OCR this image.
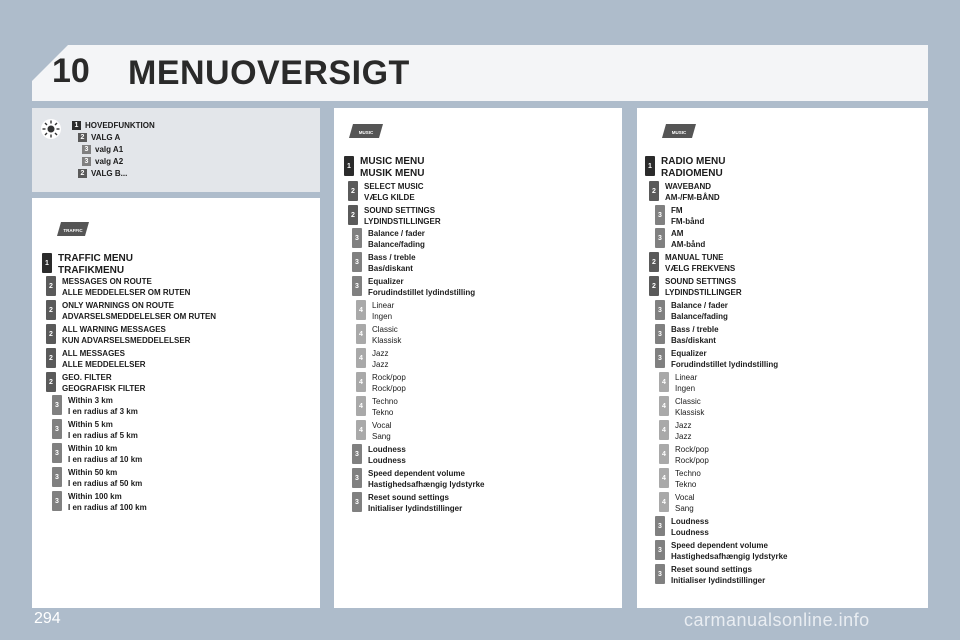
10 MENUOVERSIGT
1 HOVEDFUNKTION
2 VALG A
3 valg A1
3 valg A2
2 VALG B...
TRAFFIC
1 TRAFFIC MENU
TRAFIKMENU
2	MESSAGES ON ROUTE
ALLE MEDDELELSER OM RUTEN
2	ONLY WARNINGS ON ROUTE
ADVARSELSMEDDELELSER OM RUTEN
2	ALL WARNING MESSAGES
KUN ADVARSELSMEDDELELSER
2	ALL MESSAGES
ALLE MEDDELELSER
2	GEO. FILTER
GEOGRAFISK FILTER
3	Within 3 km
I en radius af 3 km
3	Within 5 km
I en radius af 5 km
3	Within 10 km
I en radius af 10 km
3	Within 50 km
I en radius af 50 km
3	Within 100 km
I en radius af 100 km
MUSIC
1 MUSIC MENU
MUSIK MENU
2	SELECT MUSIC
VÆLG KILDE
2	SOUND SETTINGS
LYDINDSTILLINGER
3	Balance / fader
Balance/fading
3	Bass / treble
Bas/diskant
3	Equalizer
Forudindstillet lydindstilling
4	Linear
Ingen
4	Classic
Klassisk
4	Jazz
Jazz
4	Rock/pop
Rock/pop
4	Techno
Tekno
4	Vocal
Sang
3	Loudness
Loudness
3	Speed dependent volume
Hastighedsafhængig lydstyrke
3	Reset sound settings
Initialiser lydindstillinger
MUSIC
1 RADIO MENU
RADIOMENU
2	WAVEBAND
AM-/FM-BÅND
3	FM
FM-bånd
3	AM
AM-bånd
2	MANUAL TUNE
VÆLG FREKVENS
2	SOUND SETTINGS
LYDINDSTILLINGER
3	Balance / fader
Balance/fading
3	Bass / treble
Bas/diskant
3	Equalizer
Forudindstillet lydindstilling
4	Linear
Ingen
4	Classic
Klassisk
4	Jazz
Jazz
4	Rock/pop
Rock/pop
4	Techno
Tekno
4	Vocal
Sang
3	Loudness
Loudness
3	Speed dependent volume
Hastighedsafhængig lydstyrke
3	Reset sound settings
Initialiser lydindstillinger
294	carmanualsonline.info
